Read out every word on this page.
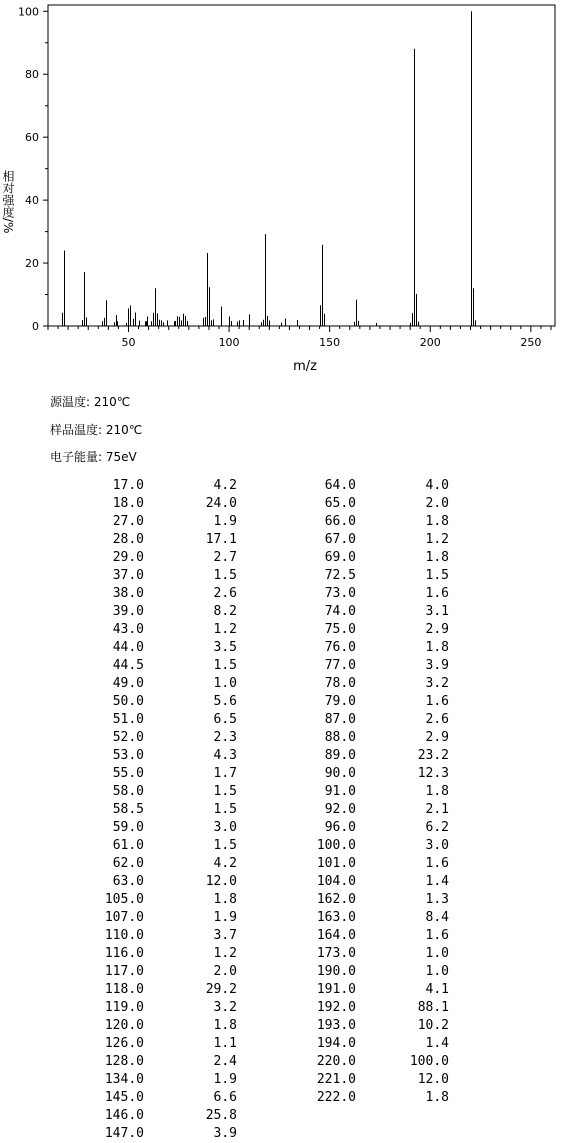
0
20
40
60
80
100
50	100	150	200	250
相对强度/%
m/z
源温度: 210℃
样品温度: 210℃
电子能量: 75eV
17.0	4.2
18.0	24.0
27.0	1.9
28.0	17.1
29.0	2.7
37.0	1.5
38.0	2.6
39.0	8.2
43.0	1.2
44.0	3.5
44.5	1.5
49.0	1.0
50.0	5.6
51.0	6.5
52.0	2.3
53.0	4.3
55.0	1.7
58.0	1.5
58.5	1.5
59.0	3.0
61.0	1.5
62.0	4.2
63.0	12.0
105.0	1.8
107.0	1.9
110.0	3.7
116.0	1.2
117.0	2.0
118.0	29.2
119.0	3.2
120.0	1.8
126.0	1.1
128.0	2.4
134.0	1.9
145.0	6.6
146.0	25.8
147.0	3.9
64.0	4.0
65.0	2.0
66.0	1.8
67.0	1.2
69.0	1.8
72.5	1.5
73.0	1.6
74.0	3.1
75.0	2.9
76.0	1.8
77.0	3.9
78.0	3.2
79.0	1.6
87.0	2.6
88.0	2.9
89.0	23.2
90.0	12.3
91.0	1.8
92.0	2.1
96.0	6.2
100.0	3.0
101.0	1.6
104.0	1.4
162.0	1.3
163.0	8.4
164.0	1.6
173.0	1.0
190.0	1.0
191.0	4.1
192.0	88.1
193.0	10.2
194.0	1.4
220.0	100.0
221.0	12.0
222.0	1.8
